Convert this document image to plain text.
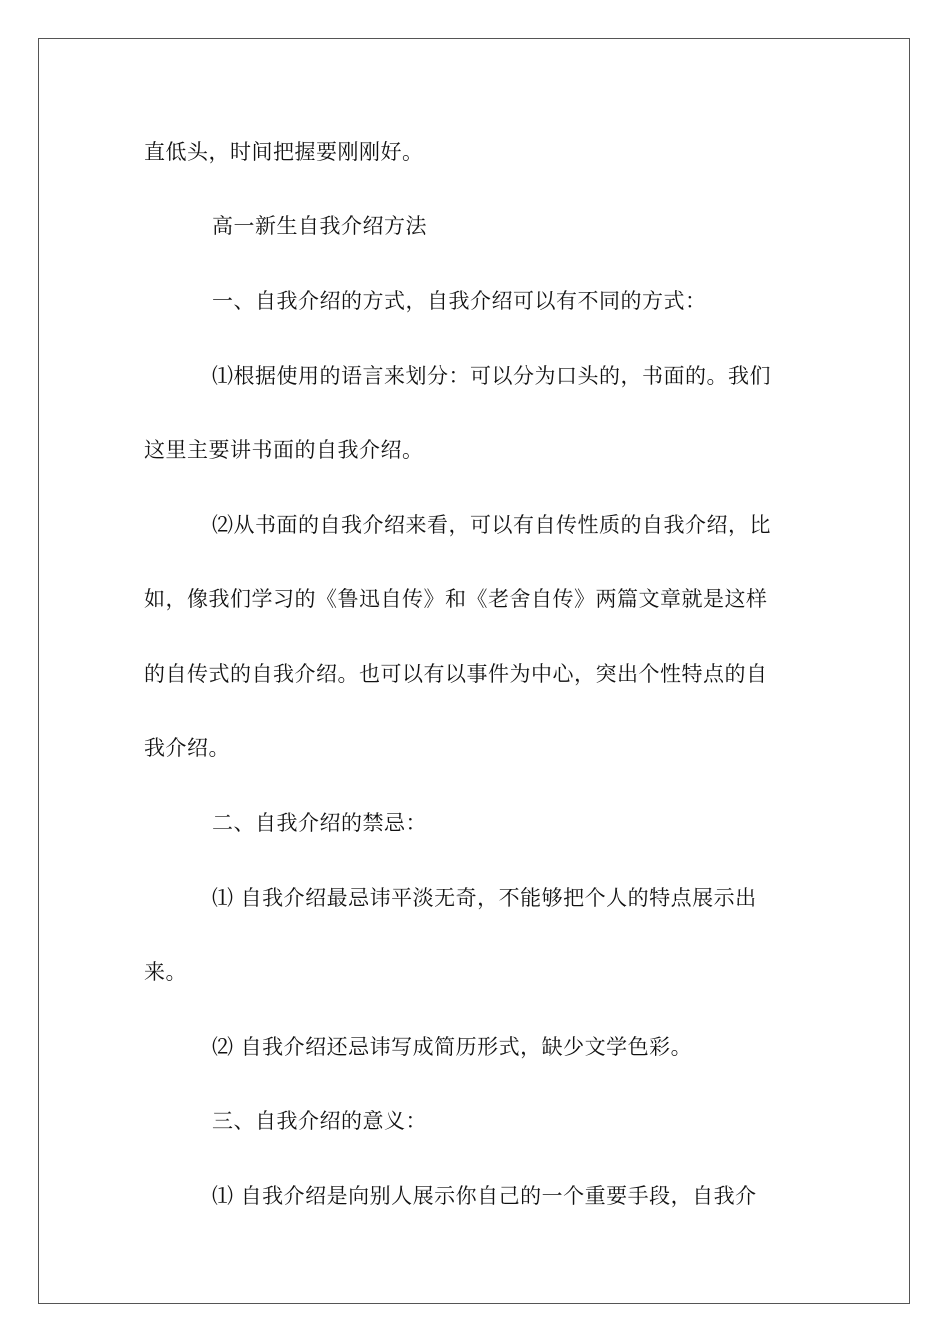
直低头，时间把握要刚刚好。
高一新生自我介绍方法
一、自我介绍的方式，自我介绍可以有不同的方式：
⑴根据使用的语言来划分：可以分为口头的，书面的。我们
这里主要讲书面的自我介绍。
⑵从书面的自我介绍来看，可以有自传性质的自我介绍，比
如，像我们学习的《鲁迅自传》和《老舍自传》两篇文章就是这样
的自传式的自我介绍。也可以有以事件为中心，突出个性特点的自
我介绍。
二、自我介绍的禁忌：
⑴ 自我介绍最忌讳平淡无奇，不能够把个人的特点展示出
来。
⑵ 自我介绍还忌讳写成简历形式，缺少文学色彩。
三、自我介绍的意义：
⑴ 自我介绍是向别人展示你自己的一个重要手段，自我介
